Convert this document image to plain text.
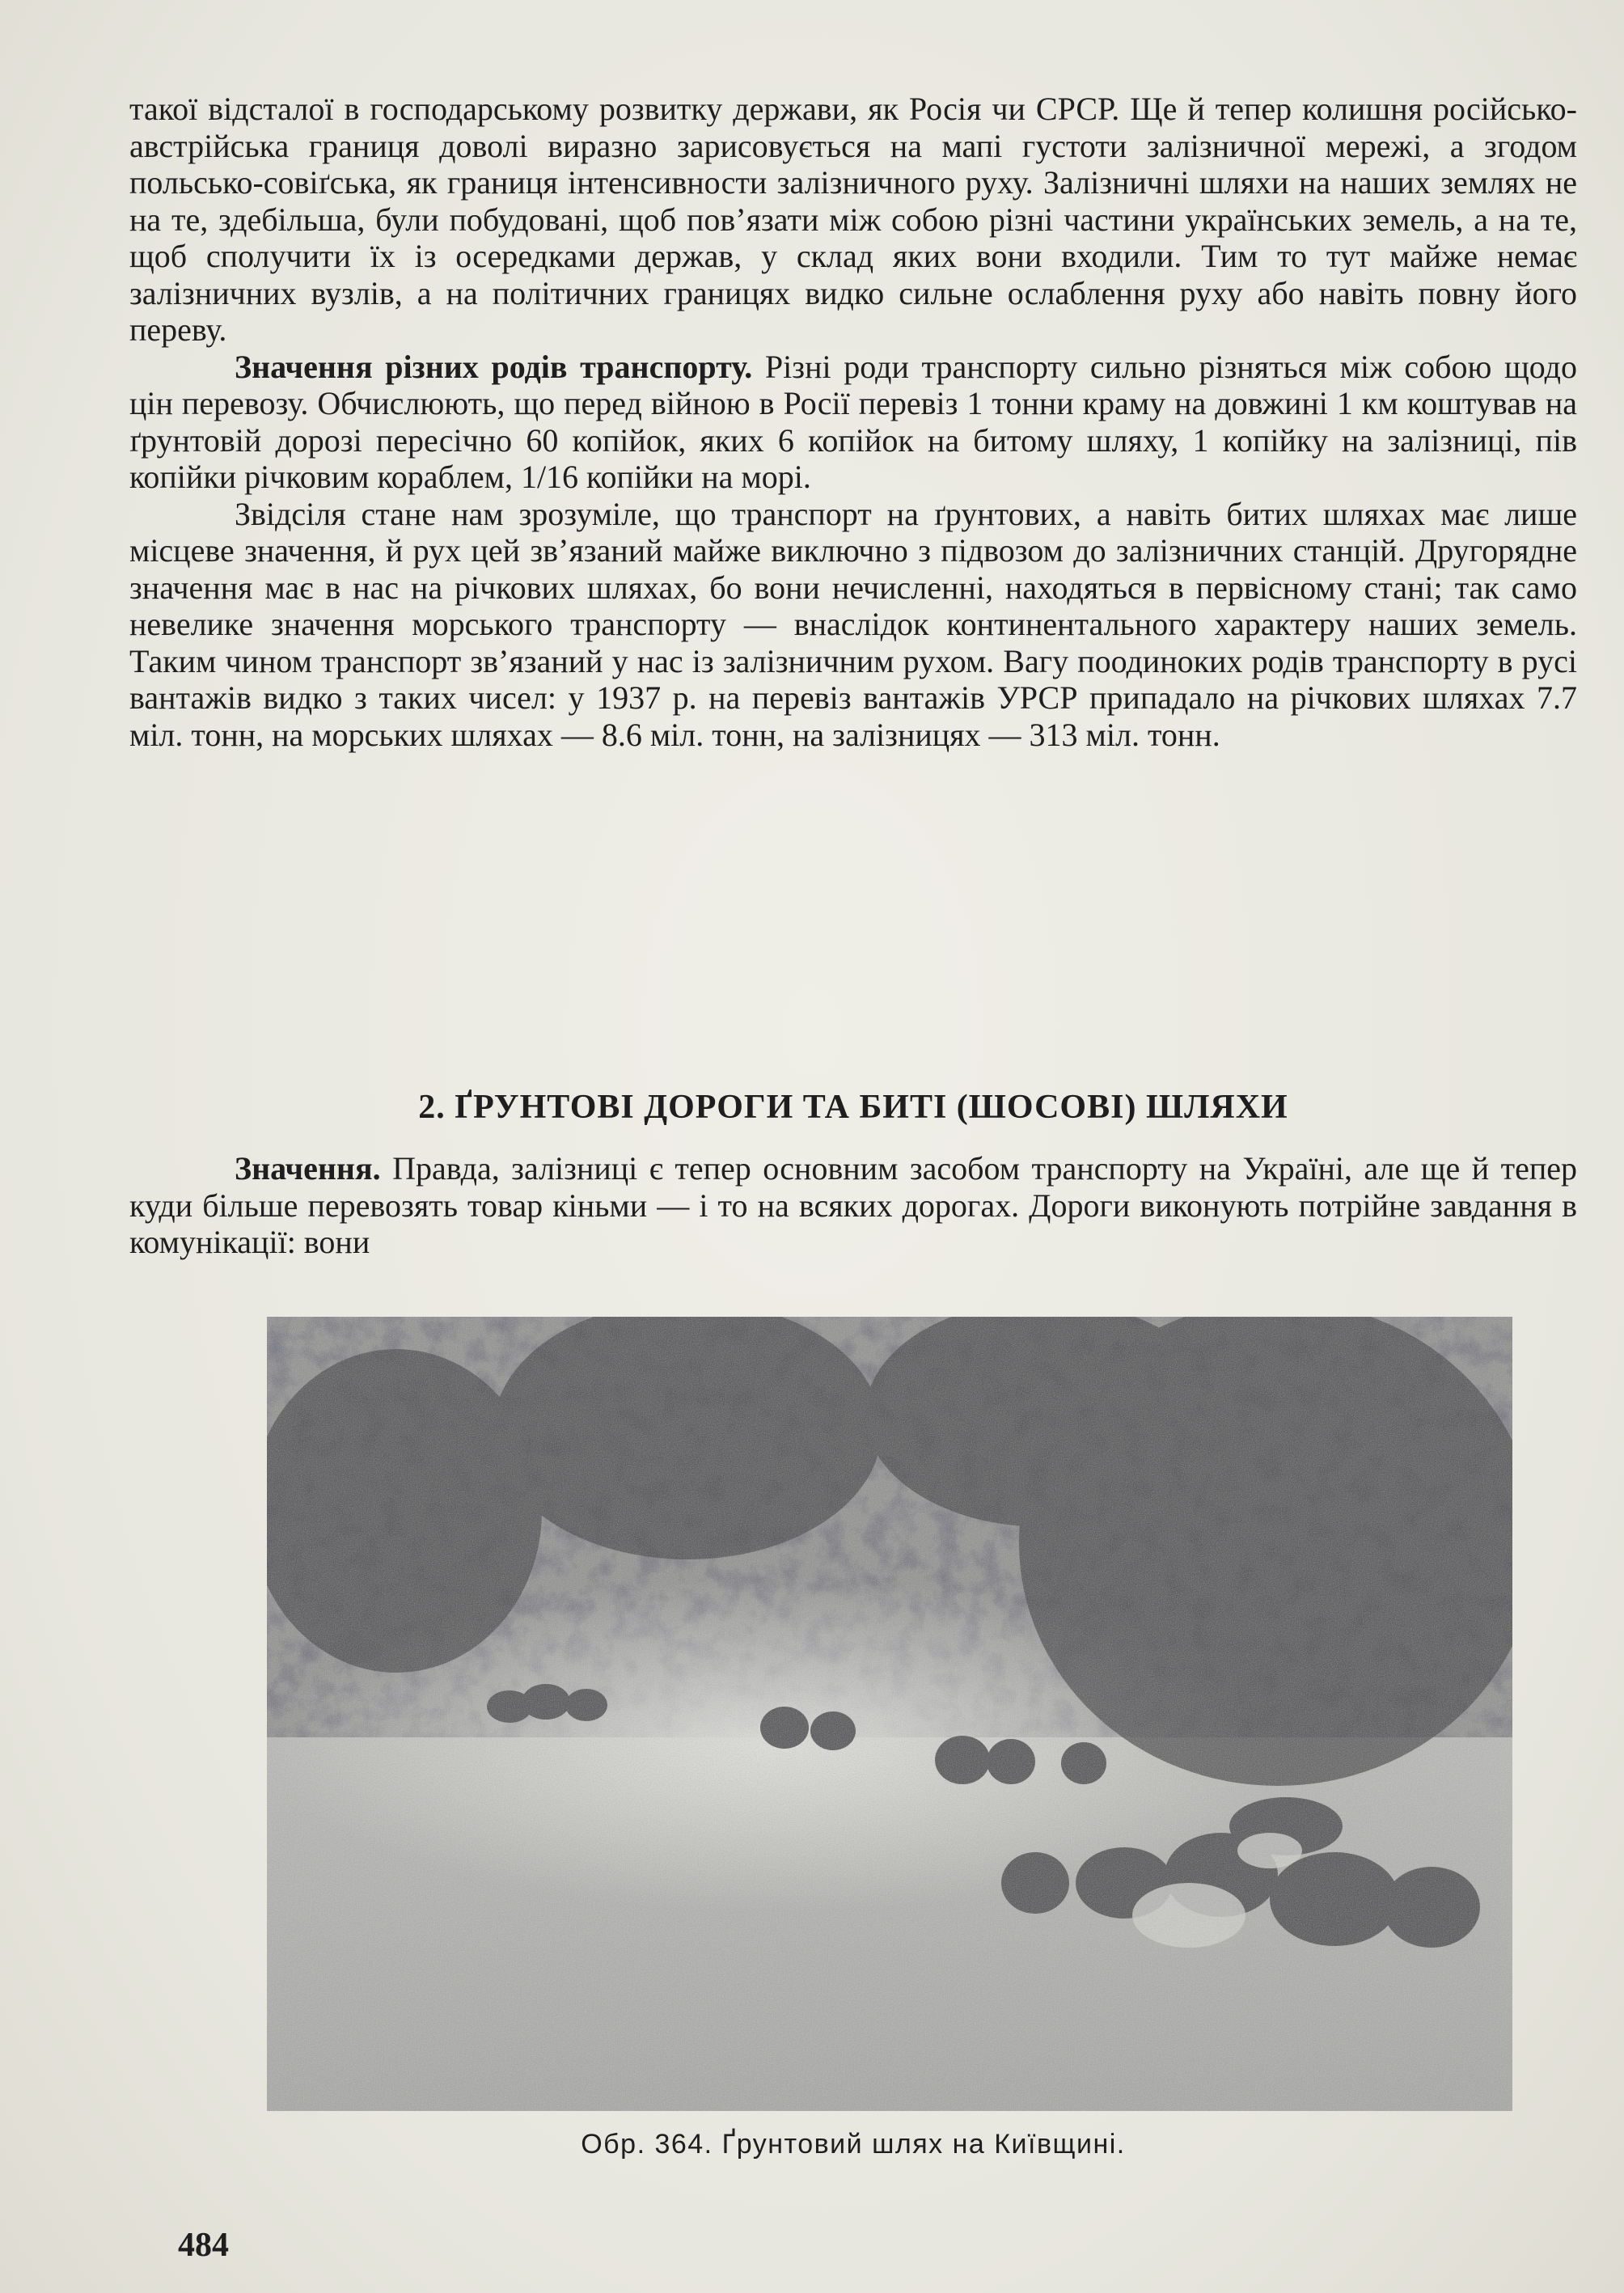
такої відсталої в господарському розвитку держави, як Росія чи СРСР. Ще й тепер колишня російсько-австрійська границя доволі виразно зарисовується на мапі густоти залізничної мережі, а згодом польсько-совіґська, як границя інтенсивности залізничного руху. Залізничні шляхи на наших землях не на те, здебільша, були побудовані, щоб пов’язати між собою різні частини українських земель, а на те, щоб сполучити їх із осередками держав, у склад яких вони входили. Тим то тут майже немає залізничних вузлів, а на політичних границях видко сильне ослаблення руху або навіть повну його переву.

Значення різних родів транспорту. Різні роди транспорту сильно різняться між собою щодо цін перевозу. Обчислюють, що перед війною в Росії перевіз 1 тонни краму на довжині 1 км коштував на ґрунтовій дорозі пересічно 60 копійок, яких 6 копійок на битому шляху, 1 копійку на залізниці, пів копійки річковим кораблем, 1/16 копійки на морі.

Звідсіля стане нам зрозуміле, що транспорт на ґрунтових, а навіть битих шляхах має лише місцеве значення, й рух цей зв’язаний майже виключно з підвозом до залізничних станцій. Другорядне значення має в нас на річкових шляхах, бо вони нечисленні, находяться в первісному стані; так само невелике значення морського транспорту — внаслідок континентального характеру наших земель. Таким чином транспорт зв’язаний у нас із залізничним рухом. Вагу поодиноких родів транспорту в русі вантажів видко з таких чисел: у 1937 р. на перевіз вантажів УРСР припадало на річкових шляхах 7.7 міл. тонн, на морських шляхах — 8.6 міл. тонн, на залізницях — 313 міл. тонн.

2. ҐРУНТОВІ ДОРОГИ ТА БИТІ (ШОСОВІ) ШЛЯХИ

Значення. Правда, залізниці є тепер основним засобом транспорту на Україні, але ще й тепер куди більше перевозять товар кіньми — і то на всяких дорогах. Дороги виконують потрійне завдання в комунікації: вони

Обр. 364. Ґрунтовий шлях на Київщині.
484
